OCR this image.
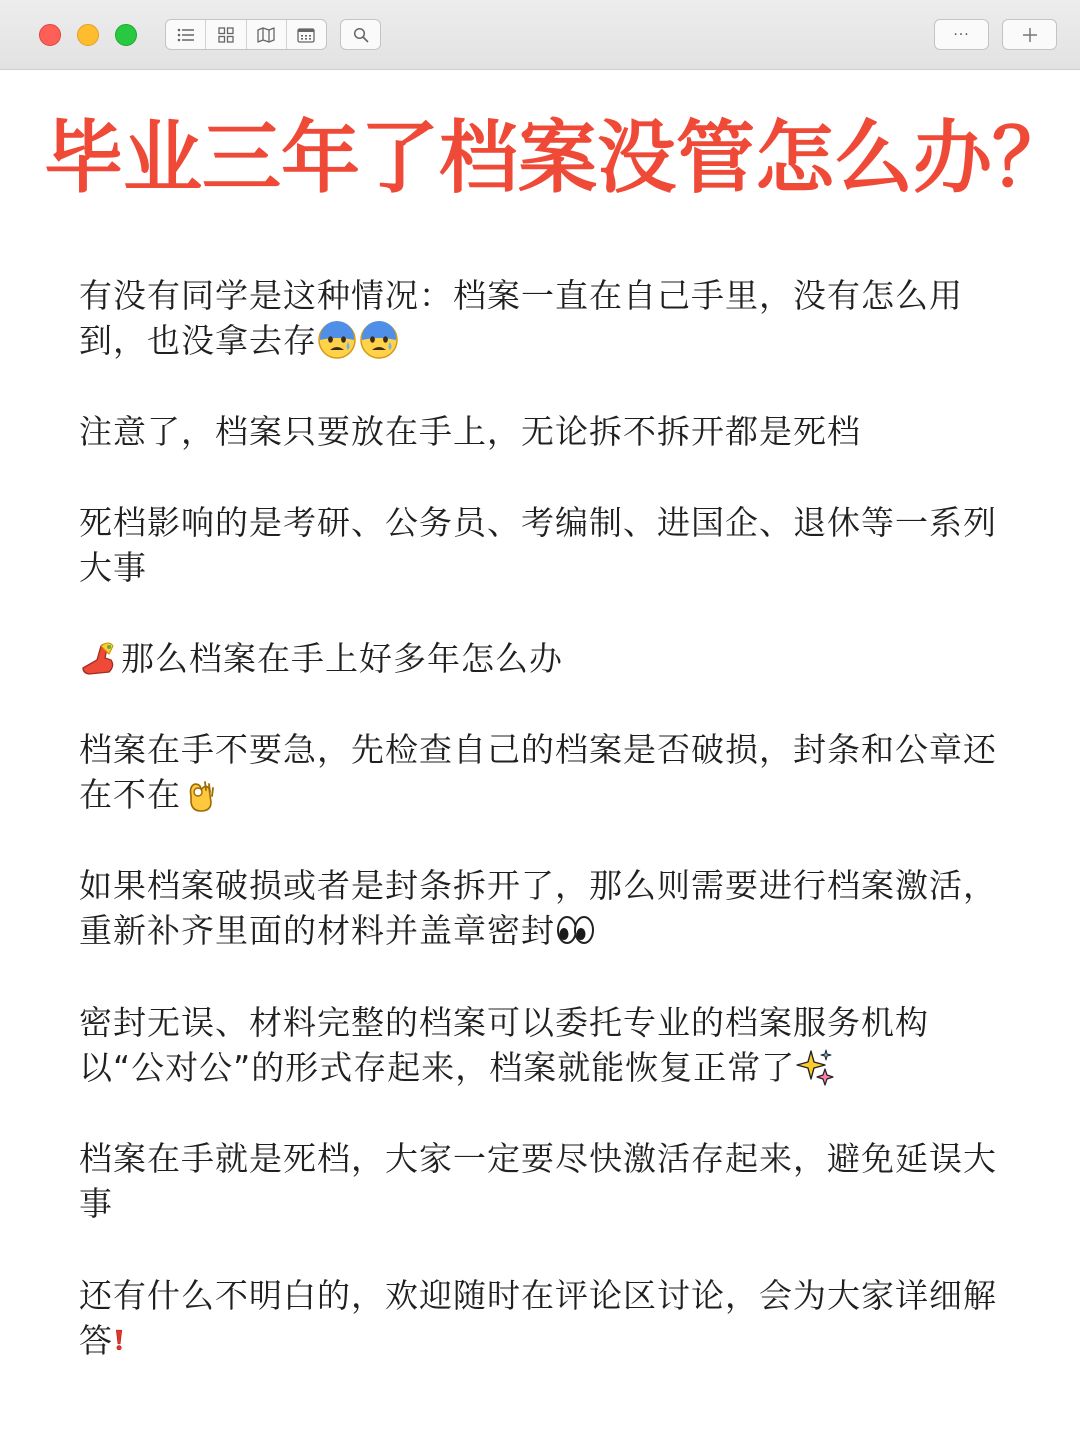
···
毕业三年了档案没管怎么办？
有没有同学是这种情况：档案一直在自己手里，没有怎么用到，也没拿去存
注意了，档案只要放在手上，无论拆不拆开都是死档
死档影响的是考研、公务员、考编制、进国企、退休等一系列大事
那么档案在手上好多年怎么办
档案在手不要急，先检查自己的档案是否破损，封条和公章还在不在
如果档案破损或者是封条拆开了，那么则需要进行档案激活，重新补齐里面的材料并盖章密封
密封无误、材料完整的档案可以委托专业的档案服务机构以“公对公”的形式存起来，档案就能恢复正常了
档案在手就是死档，大家一定要尽快激活存起来，避免延误大事
还有什么不明白的，欢迎随时在评论区讨论，会为大家详细解答
